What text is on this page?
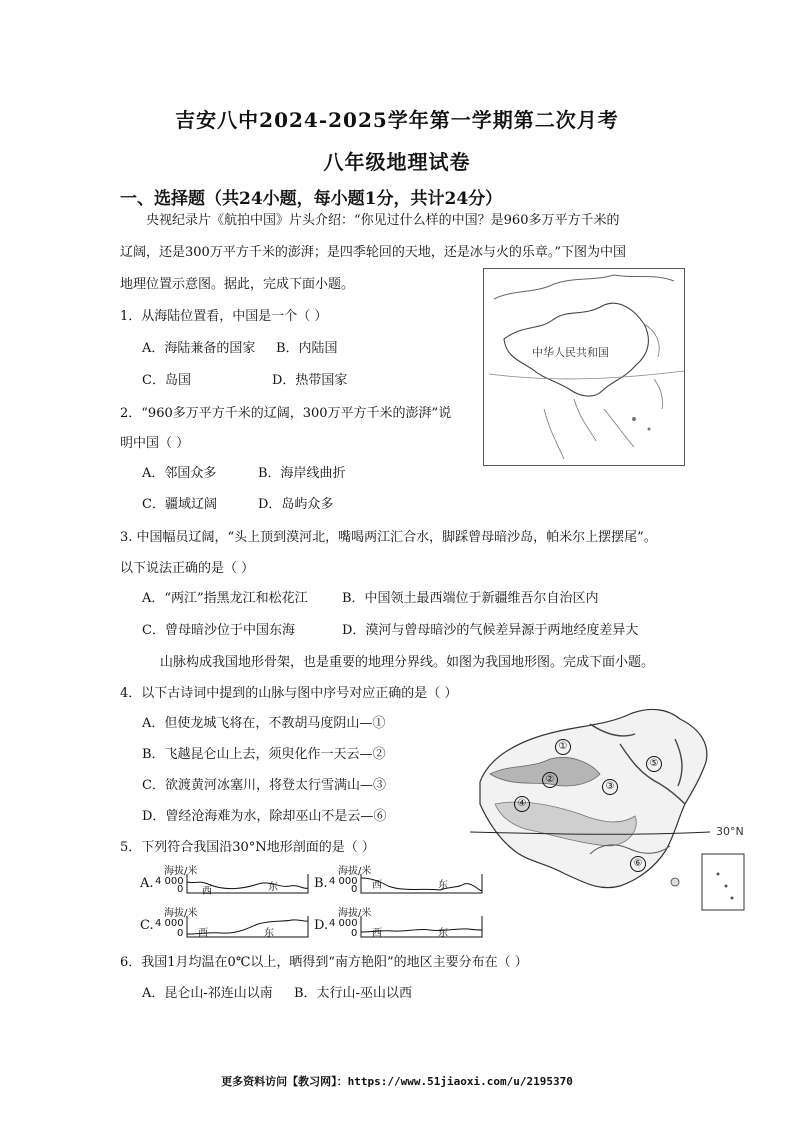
吉安八中2024-2025学年第一学期第二次月考
八年级地理试卷
一、选择题（共24小题，每小题1分，共计24分）
央视纪录片《航拍中国》片头介绍：“你见过什么样的中国？是960多万平方千米的
辽阔，还是300万平方千米的澎湃；是四季轮回的天地，还是冰与火的乐章。”下图为中国
地理位置示意图。据此，完成下面小题。
中华人民共和国
1．从海陆位置看，中国是一个（ ）
A．海陆兼备的国家 B．内陆国
C．岛国	D．热带国家
2．“960多万平方千米的辽阔，300万平方千米的澎湃”说
明中国（ ）
A．邻国众多	B．海岸线曲折
C．疆域辽阔	D．岛屿众多
3. 中国幅员辽阔，“头上顶到漠河北，嘴喝两江汇合水，脚踩曾母暗沙岛，帕米尔上摆摆尾”。
以下说法正确的是（ ）
A．“两江”指黑龙江和松花江	B．中国领土最西端位于新疆维吾尔自治区内
C．曾母暗沙位于中国东海	D．漠河与曾母暗沙的气候差异源于两地经度差异大
山脉构成我国地形骨架，也是重要的地理分界线。如图为我国地形图。完成下面小题。
4．以下古诗词中提到的山脉与图中序号对应正确的是（ ）
A．但使龙城飞将在，不教胡马度阴山—①
B．飞越昆仑山上去，须臾化作一天云—②
C．欲渡黄河冰塞川，将登太行雪满山—③
D．曾经沧海难为水，除却巫山不是云—⑥
①
②
③
④
⑤
⑥
30°N
5．下列符合我国沿30°N地形剖面的是（ ）
海拔/米
A. 4 000
0 西	东
海拔/米
B. 4 000
0 西	东
海拔/米
C. 4 000
0 西	东
海拔/米
D. 4 000
0 西	东
6．我国1月均温在0℃以上，晒得到“南方艳阳”的地区主要分布在（ ）
A．昆仑山-祁连山以南 B．太行山-巫山以西
更多资料访问【教习网】：https://www.51jiaoxi.com/u/2195370
